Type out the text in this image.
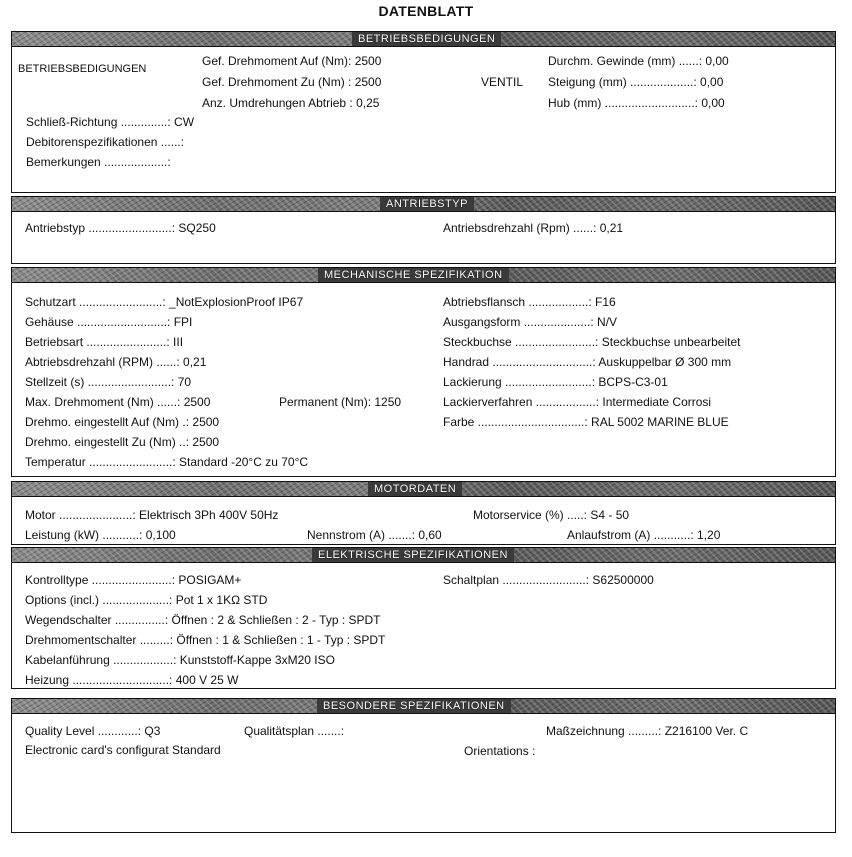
DATENBLATT
BETRIEBSBEDIGUNGEN
BETRIEBSBEDIGUNGEN
Gef. Drehmoment Auf (Nm): 2500
Gef. Drehmoment Zu (Nm) : 2500
Anz. Umdrehungen Abtrieb : 0,25
VENTIL
Durchm. Gewinde (mm) ......: 0,00
Steigung (mm) ...................: 0,00
Hub (mm) ...........................: 0,00
Schließ-Richtung ..............: CW
Debitorenspezifikationen ......:
Bemerkungen ...................:
ANTRIEBSTYP
Antriebstyp .........................: SQ250	Antriebsdrehzahl (Rpm) ......: 0,21
MECHANISCHE SPEZIFIKATION
Schutzart .........................: _NotExplosionProof IP67
Gehäuse ...........................: FPI
Betriebsart ........................: III
Abtriebsdrehzahl (RPM) ......: 0,21
Stellzeit (s) .........................: 70
Max. Drehmoment (Nm) ......: 2500
Drehmo. eingestellt Auf (Nm) .: 2500
Drehmo. eingestellt Zu (Nm) ..: 2500
Temperatur .........................: Standard -20°C zu 70°C
Permanent (Nm): 1250
Abtriebsflansch ..................: F16
Ausgangsform ....................: N/V
Steckbuchse ........................: Steckbuchse unbearbeitet
Handrad ..............................: Auskuppelbar Ø 300 mm
Lackierung ..........................: BCPS-C3-01
Lackierverfahren ..................: Intermediate Corrosi
Farbe ................................: RAL 5002 MARINE BLUE
MOTORDATEN
Motor ......................: Elektrisch 3Ph 400V 50Hz	Motorservice (%) .....: S4 - 50
Leistung (kW) ...........: 0,100	Nennstrom (A) .......: 0,60	Anlaufstrom (A) ...........: 1,20
ELEKTRISCHE SPEZIFIKATIONEN
Kontrolltype ........................: POSIGAM+
Options (incl.) ....................: Pot 1 x 1KΩ STD
Wegendschalter ...............: Öffnen : 2 & Schließen : 2 - Typ : SPDT
Drehmomentschalter .........: Öffnen : 1 & Schließen : 1 - Typ : SPDT
Kabelanführung ..................: Kunststoff-Kappe 3xM20 ISO
Heizung .............................: 400 V 25 W
Schaltplan .........................: S62500000
BESONDERE SPEZIFIKATIONEN
Quality Level ............: Q3	Qualitätsplan .......:	Maßzeichnung .........: Z216100 Ver. C
Electronic card's configurat Standard	Orientations :
